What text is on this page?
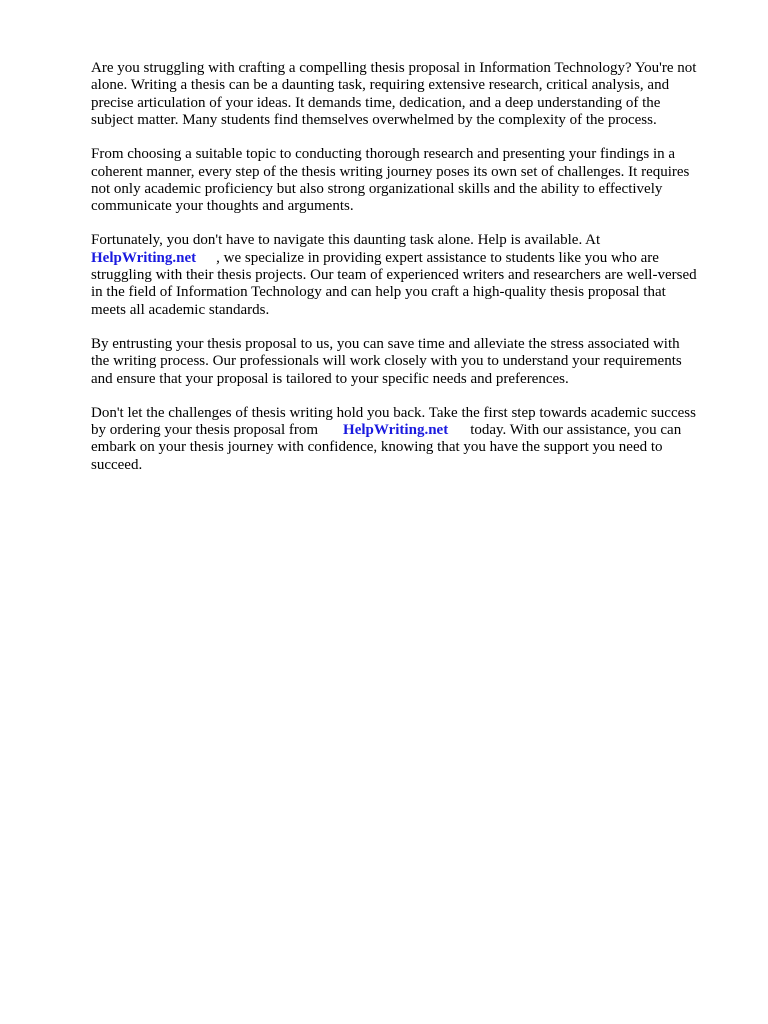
Are you struggling with crafting a compelling thesis proposal in Information Technology? You're not
alone. Writing a thesis can be a daunting task, requiring extensive research, critical analysis, and
precise articulation of your ideas. It demands time, dedication, and a deep understanding of the
subject matter. Many students find themselves overwhelmed by the complexity of the process.

From choosing a suitable topic to conducting thorough research and presenting your findings in a
coherent manner, every step of the thesis writing journey poses its own set of challenges. It requires
not only academic proficiency but also strong organizational skills and the ability to effectively
communicate your thoughts and arguments.

Fortunately, you don't have to navigate this daunting task alone. Help is available. At
HelpWriting.net , we specialize in providing expert assistance to students like you who are
struggling with their thesis projects. Our team of experienced writers and researchers are well-versed
in the field of Information Technology and can help you craft a high-quality thesis proposal that
meets all academic standards.

By entrusting your thesis proposal to us, you can save time and alleviate the stress associated with
the writing process. Our professionals will work closely with you to understand your requirements
and ensure that your proposal is tailored to your specific needs and preferences.

Don't let the challenges of thesis writing hold you back. Take the first step towards academic success
by ordering your thesis proposal from HelpWriting.net today. With our assistance, you can
embark on your thesis journey with confidence, knowing that you have the support you need to
succeed.
